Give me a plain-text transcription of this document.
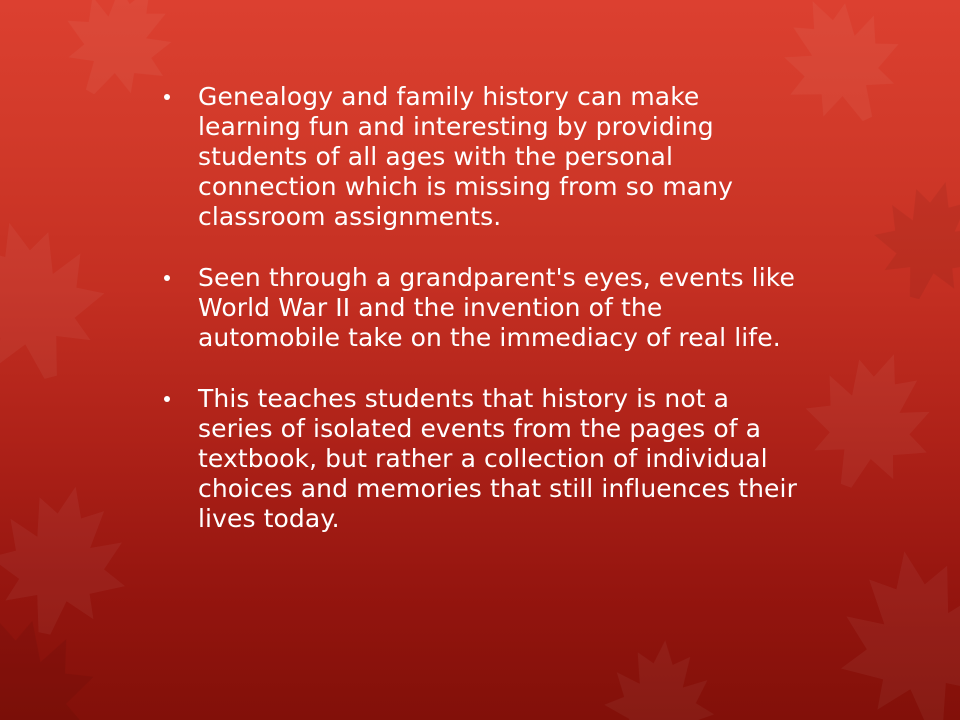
Genealogy and family history can make learning fun and interesting by providing students of all ages with the personal connection which is missing from so many classroom assignments.
Seen through a grandparent's eyes, events like World War II and the invention of the automobile take on the immediacy of real life.
This teaches students that history is not a series of isolated events from the pages of a textbook, but rather a collection of individual choices and memories that still influences their lives today.
